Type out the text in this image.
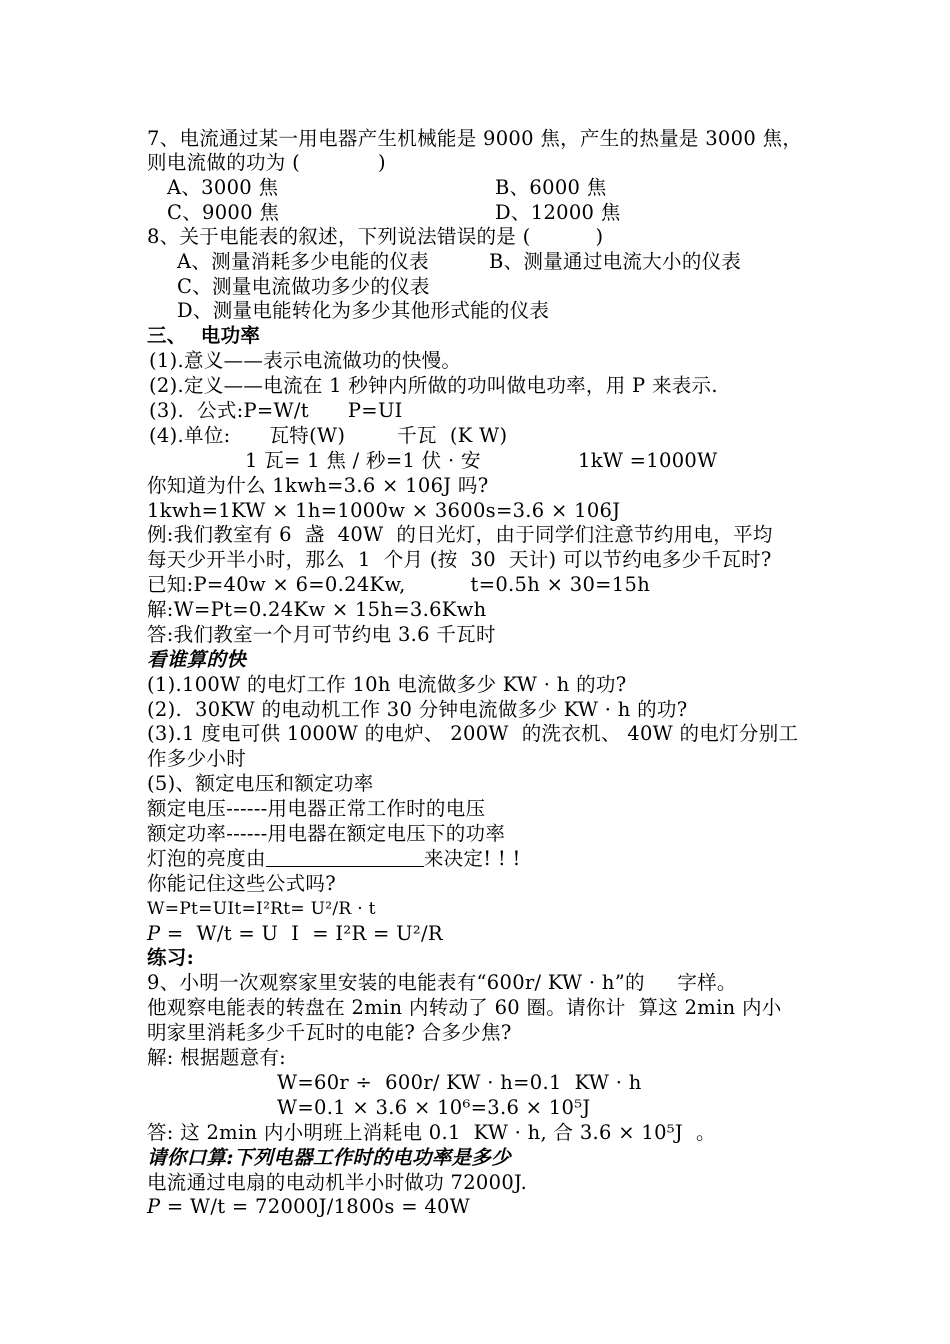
7、电流通过某一用电器产生机械能是 9000 焦，产生的热量是 3000 焦，
则电流做的功为 (            )
A、3000 焦	B、6000 焦
C、9000 焦	D、12000 焦
8、关于电能表的叙述，下列说法错误的是 (          )
A、测量消耗多少电能的仪表	B、测量通过电流大小的仪表
C、测量电流做功多少的仪表
D、测量电能转化为多少其他形式能的仪表
三、  电功率
(1).意义——表示电流做功的快慢。
(2).定义——电流在 1 秒钟内所做的功叫做电功率，用 P 来表示.
(3).  公式:P=W/t      P=UI
(4).单位:      瓦特(W)        千瓦  (K W)
1 瓦= 1 焦 / 秒=1 伏 · 安	1kW =1000W
你知道为什么 1kwh=3.6 × 106J 吗?
1kwh=1KW × 1h=1000w × 3600s=3.6 × 106J
例:我们教室有 6  盏  40W  的日光灯，由于同学们注意节约用电，平均
每天少开半小时，那么  1  个月 (按  30  天计) 可以节约电多少千瓦时?
已知:P=40w × 6=0.24Kw,          t=0.5h × 30=15h
解:W=Pt=0.24Kw × 15h=3.6Kwh
答:我们教室一个月可节约电 3.6 千瓦时
看谁算的快
(1).100W 的电灯工作 10h 电流做多少 KW · h 的功?
(2).  30KW 的电动机工作 30 分钟电流做多少 KW · h 的功?
(3).1 度电可供 1000W 的电炉、 200W  的洗衣机、 40W 的电灯分别工
作多少小时
(5)、额定电压和额定功率
额定电压------用电器正常工作时的电压
额定功率------用电器在额定电压下的功率
灯泡的亮度由	来决定! ! !
你能记住这些公式吗?
W=Pt=UIt=I²Rt= U²/R · t
P =  W/t = U  I  = I²R = U²/R
练习:
9、小明一次观察家里安装的电能表有“600r/ KW · h”的     字样。
他观察电能表的转盘在 2min 内转动了 60 圈。请你计  算这 2min 内小
明家里消耗多少千瓦时的电能? 合多少焦?
解: 根据题意有:
W=60r ÷  600r/ KW · h=0.1  KW · h
W=0.1 × 3.6 × 10⁶=3.6 × 10⁵J
答: 这 2min 内小明班上消耗电 0.1  KW · h, 合 3.6 × 10⁵J  。
请你口算:下列电器工作时的电功率是多少
电流通过电扇的电动机半小时做功 72000J.
P = W/t = 72000J/1800s = 40W
